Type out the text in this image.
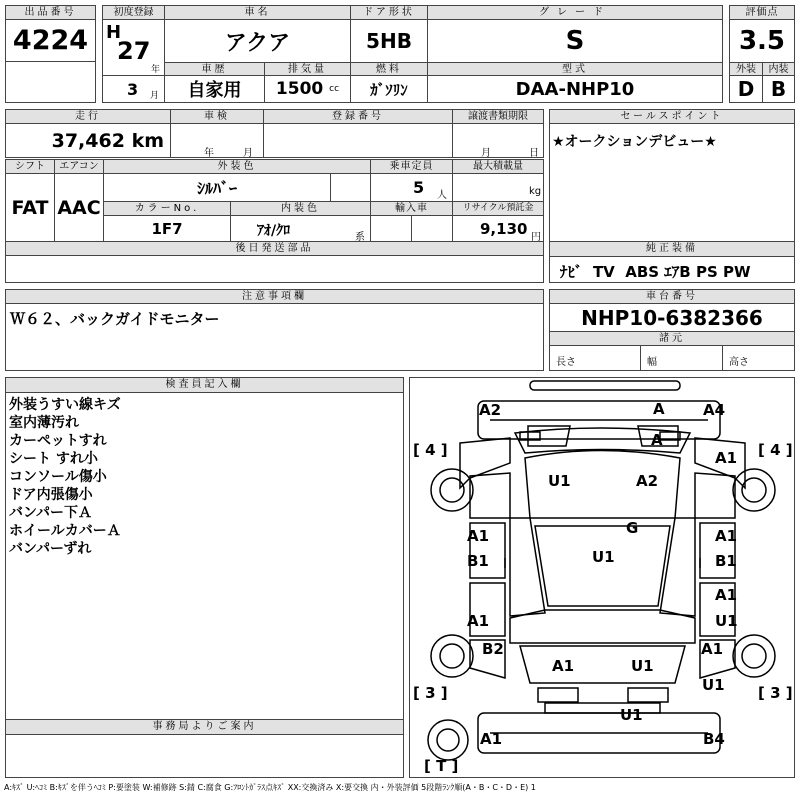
出品番号
4224
初度登録
H
27
年
3 月
車名
アクア
車歴
自家用
排気量
1500
cc
ドア形状
5HB
燃料
ｶﾞｿﾘﾝ
グレード
S
型式
DAA-NHP10
評価点
3.5
外装	内装
D B
走行
37,462
km
車検
年	月
登録番号	譲渡書類期限
月	日
セールスポイント
★オークションデビュー★
シフト
FAT
エアコン
AAC
外装色
ｼﾙﾊﾞｰ
カラーNo.
1F7
内装色
ｱｵ/ｸﾛ	系
乗車定員
5 人
輸入車
最大積載量
kg
リサイクル預託金
9,130 円
後日発送部品	純正装備
ﾅﾋﾞ  TV  ABS ｴｱB PS PW
注意事項欄
Ｗ６２、バックガイドモニター
車台番号
NHP10-6382366
諸元
長さ	幅	高さ
検査員記入欄
外装うすい線キズ
室内薄汚れ
カーペットすれ
シート すれ小
コンソール傷小
ドア内張傷小
バンパー下Ａ
ホイールカバーＡ
バンパーずれ
事務局よりご案内
[ 4 ]	[ 4 ]
[ 3 ]	[ 3 ]
[ T ]
A2	A	A4
A
A1
U1	A2
G
A1	A1
B1	U1	B1
A1
A1	U1
B2
A1	U1
A1
U1
U1
A1	B4
A:ｷｽﾞ U:ﾍｺﾐ B:ｷｽﾞを伴うﾍｺﾐ P:要塗装 W:補修跡 S:錆 C:腐食 G:ﾌﾛﾝﾄｶﾞﾗｽ点ｷｽﾞ XX:交換済み X:要交換 内・外装評価 5段階ﾗﾝｸ順(A・B・C・D・E) 1
